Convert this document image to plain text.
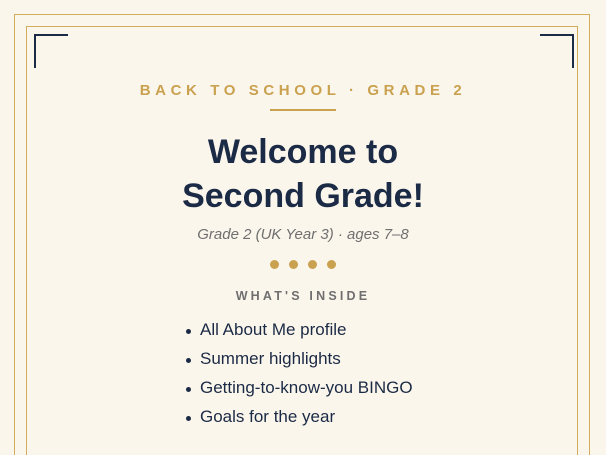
BACK TO SCHOOL · GRADE 2
Welcome to
Second Grade!
Grade 2 (UK Year 3) · ages 7–8
WHAT'S INSIDE
All About Me profile
Summer highlights
Getting-to-know-you BINGO
Goals for the year
